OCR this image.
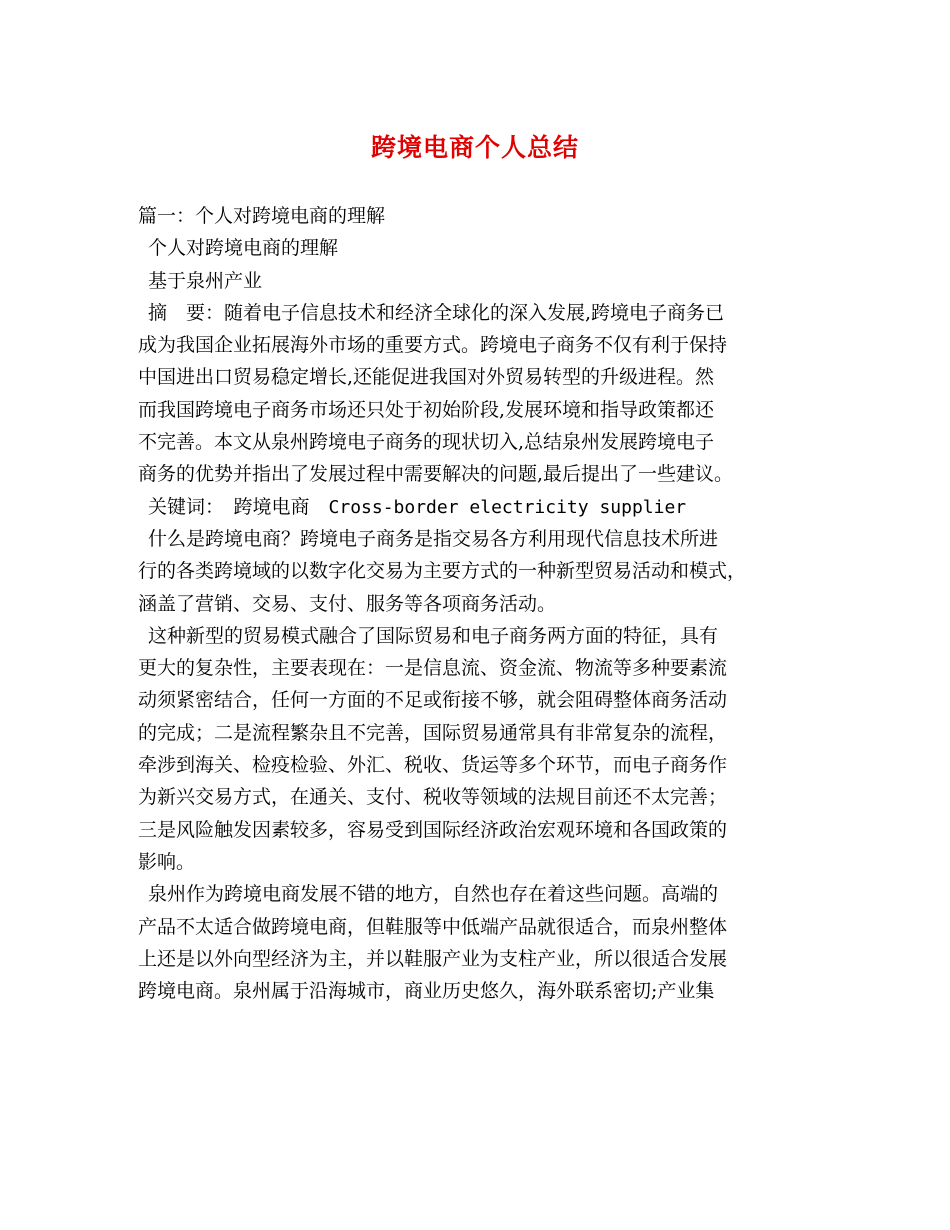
跨境电商个人总结
篇一：个人对跨境电商的理解
个人对跨境电商的理解
基于泉州产业
摘　要：随着电子信息技术和经济全球化的深入发展,跨境电子商务已
成为我国企业拓展海外市场的重要方式。跨境电子商务不仅有利于保持
中国进出口贸易稳定增长,还能促进我国对外贸易转型的升级进程。然
而我国跨境电子商务市场还只处于初始阶段,发展环境和指导政策都还
不完善。本文从泉州跨境电子商务的现状切入,总结泉州发展跨境电子
商务的优势并指出了发展过程中需要解决的问题,最后提出了一些建议。
关键词：　跨境电商　Cross-border electricity supplier
什么是跨境电商？跨境电子商务是指交易各方利用现代信息技术所进
行的各类跨境域的以数字化交易为主要方式的一种新型贸易活动和模式，
涵盖了营销、交易、支付、服务等各项商务活动。
这种新型的贸易模式融合了国际贸易和电子商务两方面的特征，具有
更大的复杂性，主要表现在：一是信息流、资金流、物流等多种要素流
动须紧密结合，任何一方面的不足或衔接不够，就会阻碍整体商务活动
的完成；二是流程繁杂且不完善，国际贸易通常具有非常复杂的流程，
牵涉到海关、检疫检验、外汇、税收、货运等多个环节，而电子商务作
为新兴交易方式，在通关、支付、税收等领域的法规目前还不太完善；
三是风险触发因素较多，容易受到国际经济政治宏观环境和各国政策的
影响。
泉州作为跨境电商发展不错的地方，自然也存在着这些问题。高端的
产品不太适合做跨境电商，但鞋服等中低端产品就很适合，而泉州整体
上还是以外向型经济为主，并以鞋服产业为支柱产业，所以很适合发展
跨境电商。泉州属于沿海城市，商业历史悠久，海外联系密切;产业集
